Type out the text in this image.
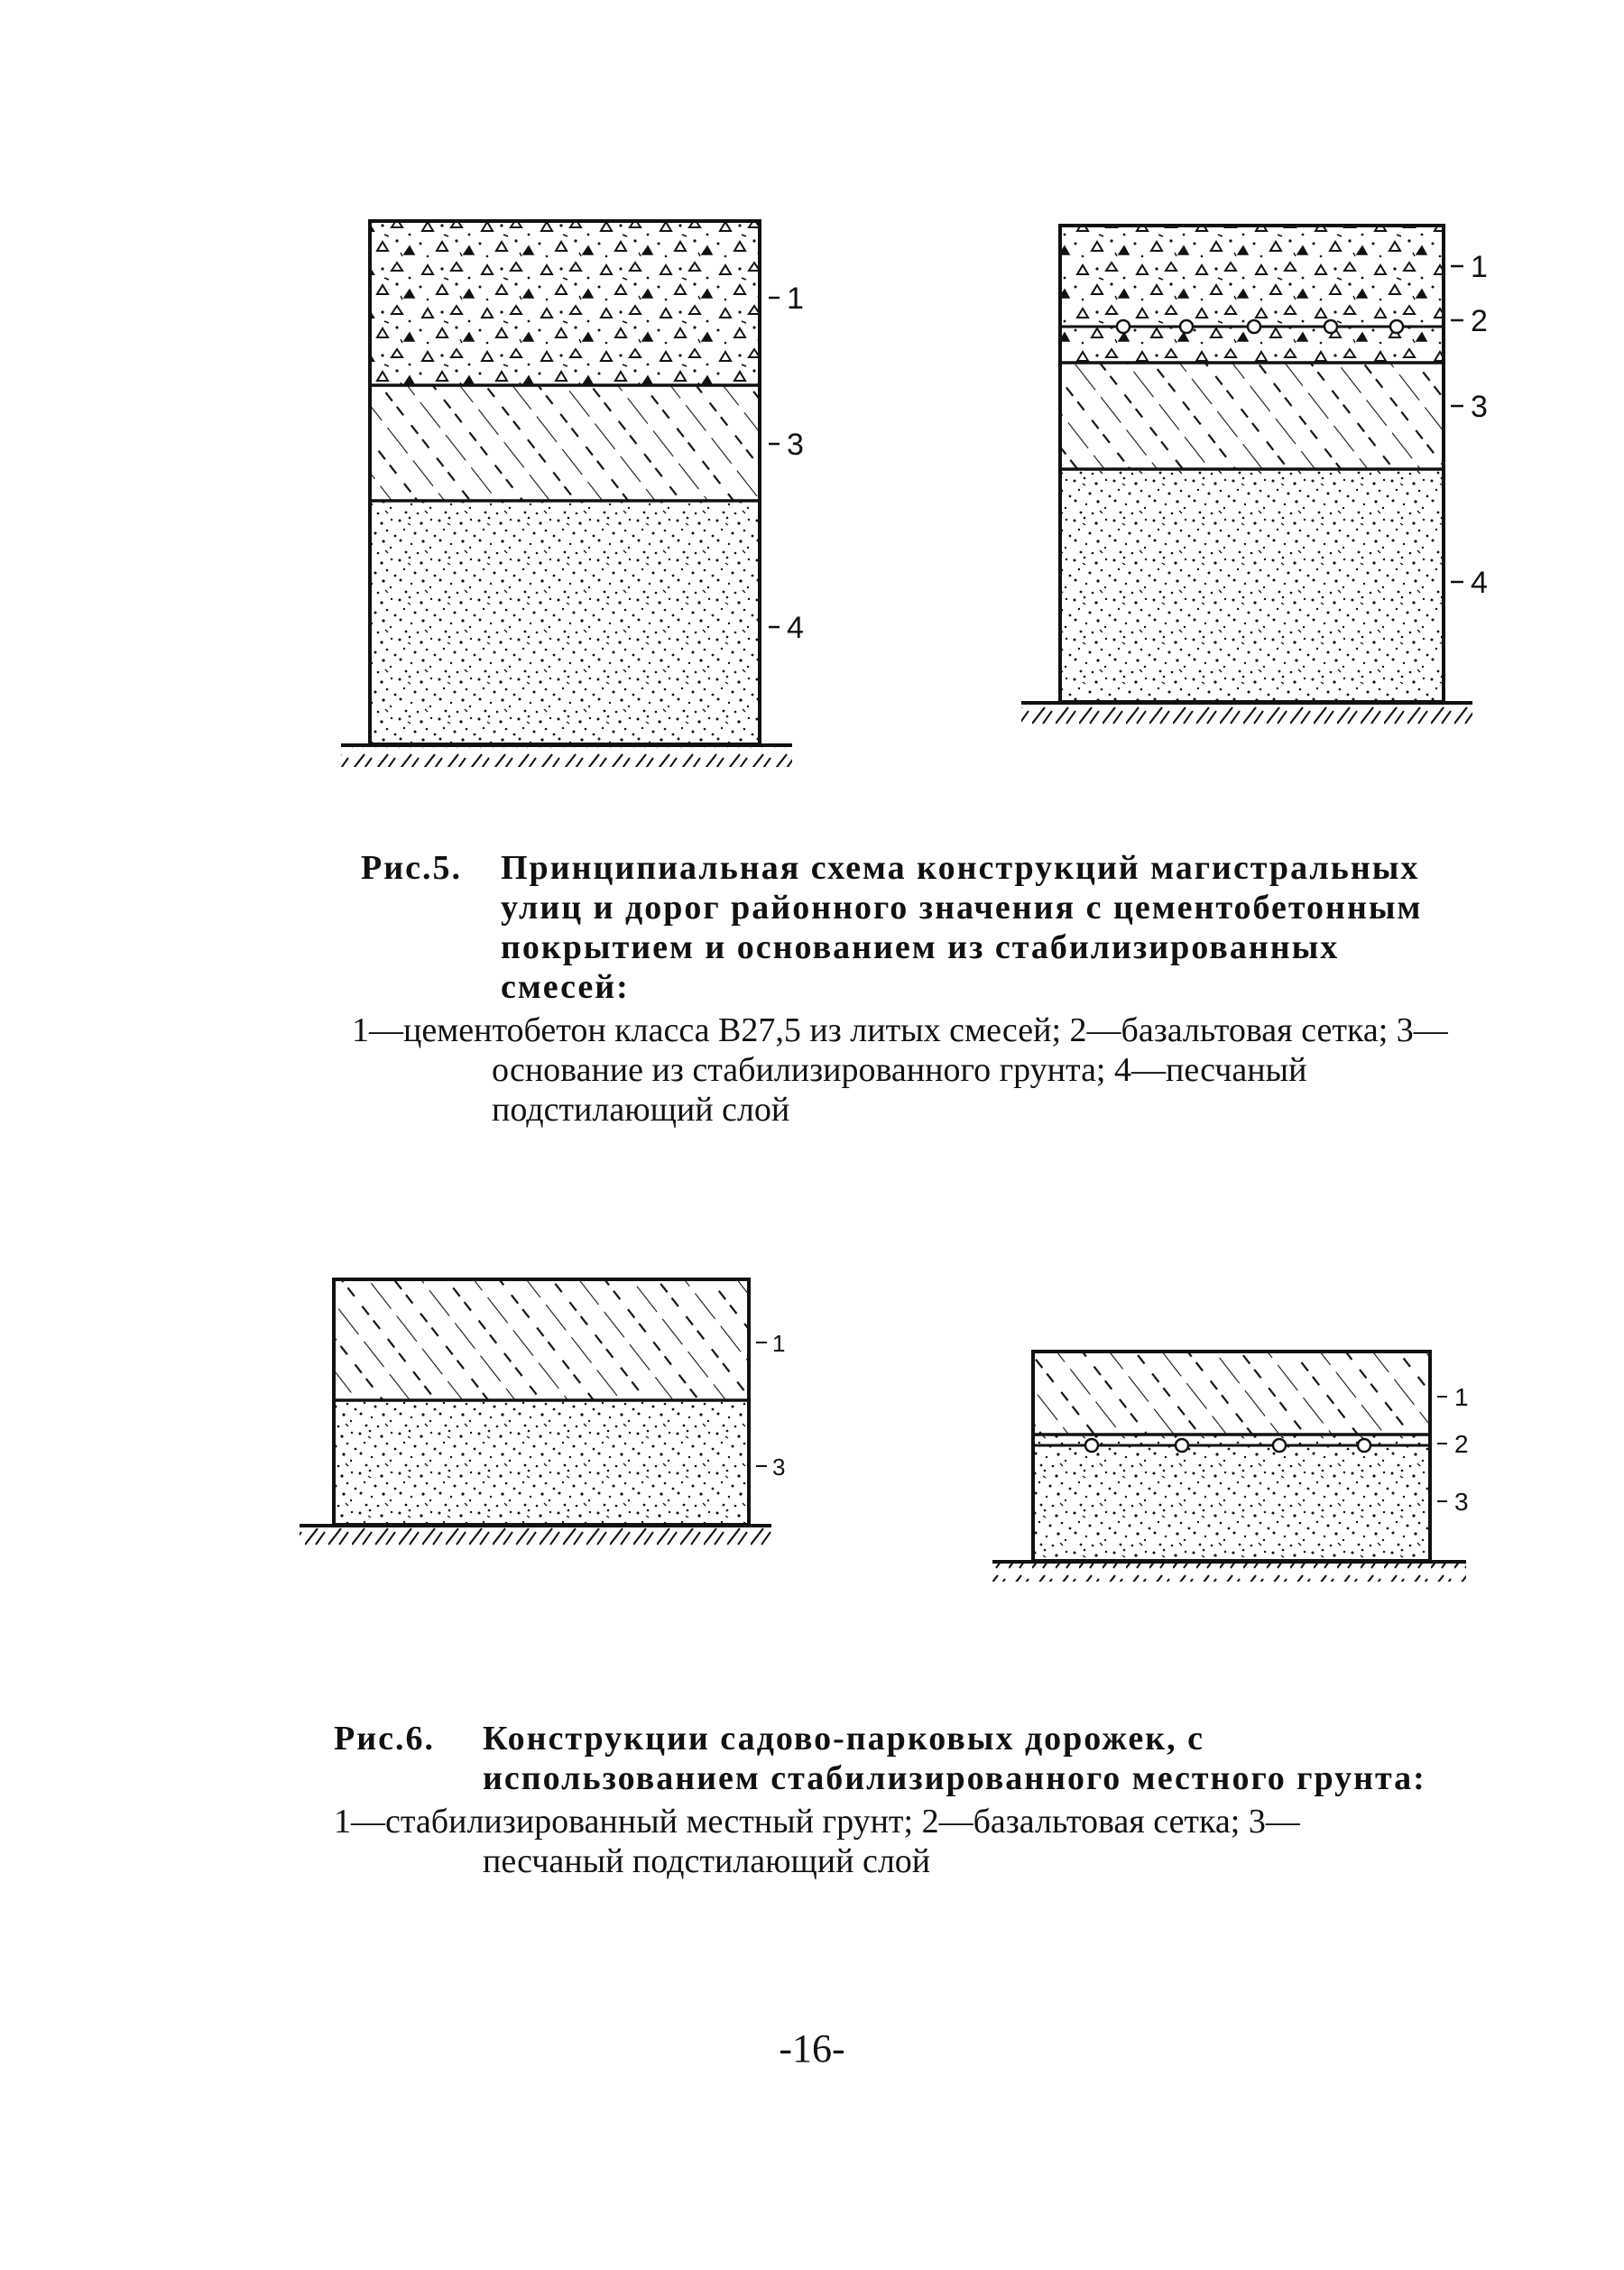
1
3
4
1
2
3
4
1
3
1
2
3
Рис.5. Принципиальная схема конструкций магистральных улиц и дорог районного значения с цементобетонным покрытием и основанием из стабилизированных смесей:
1—цементобетон класса В27,5 из литых смесей; 2—базальтовая сетка; 3—основание из стабилизированного грунта; 4—песчаный подстилающий слой
Рис.6. Конструкции садово-парковых дорожек, с использованием стабилизированного местного грунта:
1—стабилизированный местный грунт; 2—базальтовая сетка; 3—песчаный подстилающий слой
-16-
